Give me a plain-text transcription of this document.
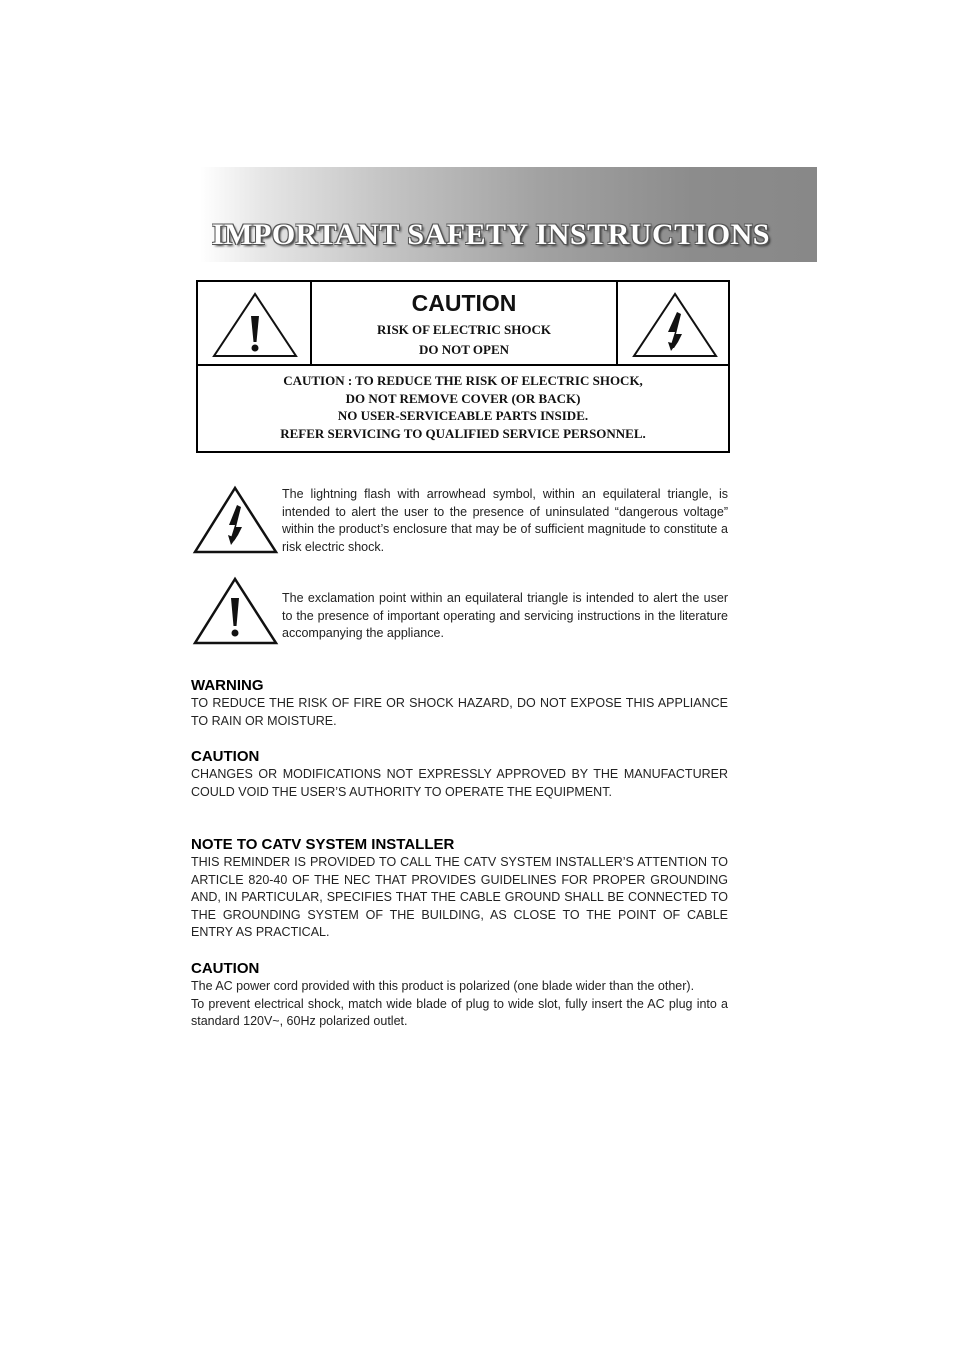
IMPORTANT SAFETY INSTRUCTIONS
CAUTION
RISK OF ELECTRIC SHOCK
DO NOT OPEN
CAUTION : TO REDUCE THE RISK OF ELECTRIC SHOCK,
DO NOT REMOVE COVER (OR BACK)
NO USER-SERVICEABLE PARTS INSIDE.
REFER SERVICING TO QUALIFIED SERVICE PERSONNEL.
The lightning flash with arrowhead symbol, within an equilateral triangle, is intended to alert the user to the presence of uninsulated “dangerous voltage” within the product’s enclosure that may be of sufficient magnitude to constitute a risk electric shock.
The exclamation point within an equilateral triangle is intended to alert the user to the presence of important operating and servicing instructions in the literature accompanying the appliance.
WARNING

TO REDUCE THE RISK OF FIRE OR SHOCK HAZARD, DO NOT EXPOSE THIS APPLIANCE TO RAIN OR MOISTURE.

CAUTION

CHANGES OR MODIFICATIONS NOT EXPRESSLY APPROVED BY THE MANUFACTURER COULD VOID THE USER’S AUTHORITY TO OPERATE THE EQUIPMENT.

NOTE TO CATV SYSTEM INSTALLER

THIS REMINDER IS PROVIDED TO CALL THE CATV SYSTEM INSTALLER’S ATTENTION TO ARTICLE 820-40 OF THE NEC THAT PROVIDES GUIDELINES FOR PROPER GROUNDING AND, IN PARTICULAR, SPECIFIES THAT THE CABLE GROUND SHALL BE CONNECTED TO THE GROUNDING SYSTEM OF THE BUILDING, AS CLOSE TO THE POINT OF CABLE ENTRY AS PRACTICAL.

CAUTION

The AC power cord provided with this product is polarized (one blade wider than the other).

To prevent electrical shock, match wide blade of plug to wide slot, fully insert the AC plug into a standard 120V~, 60Hz polarized outlet.
